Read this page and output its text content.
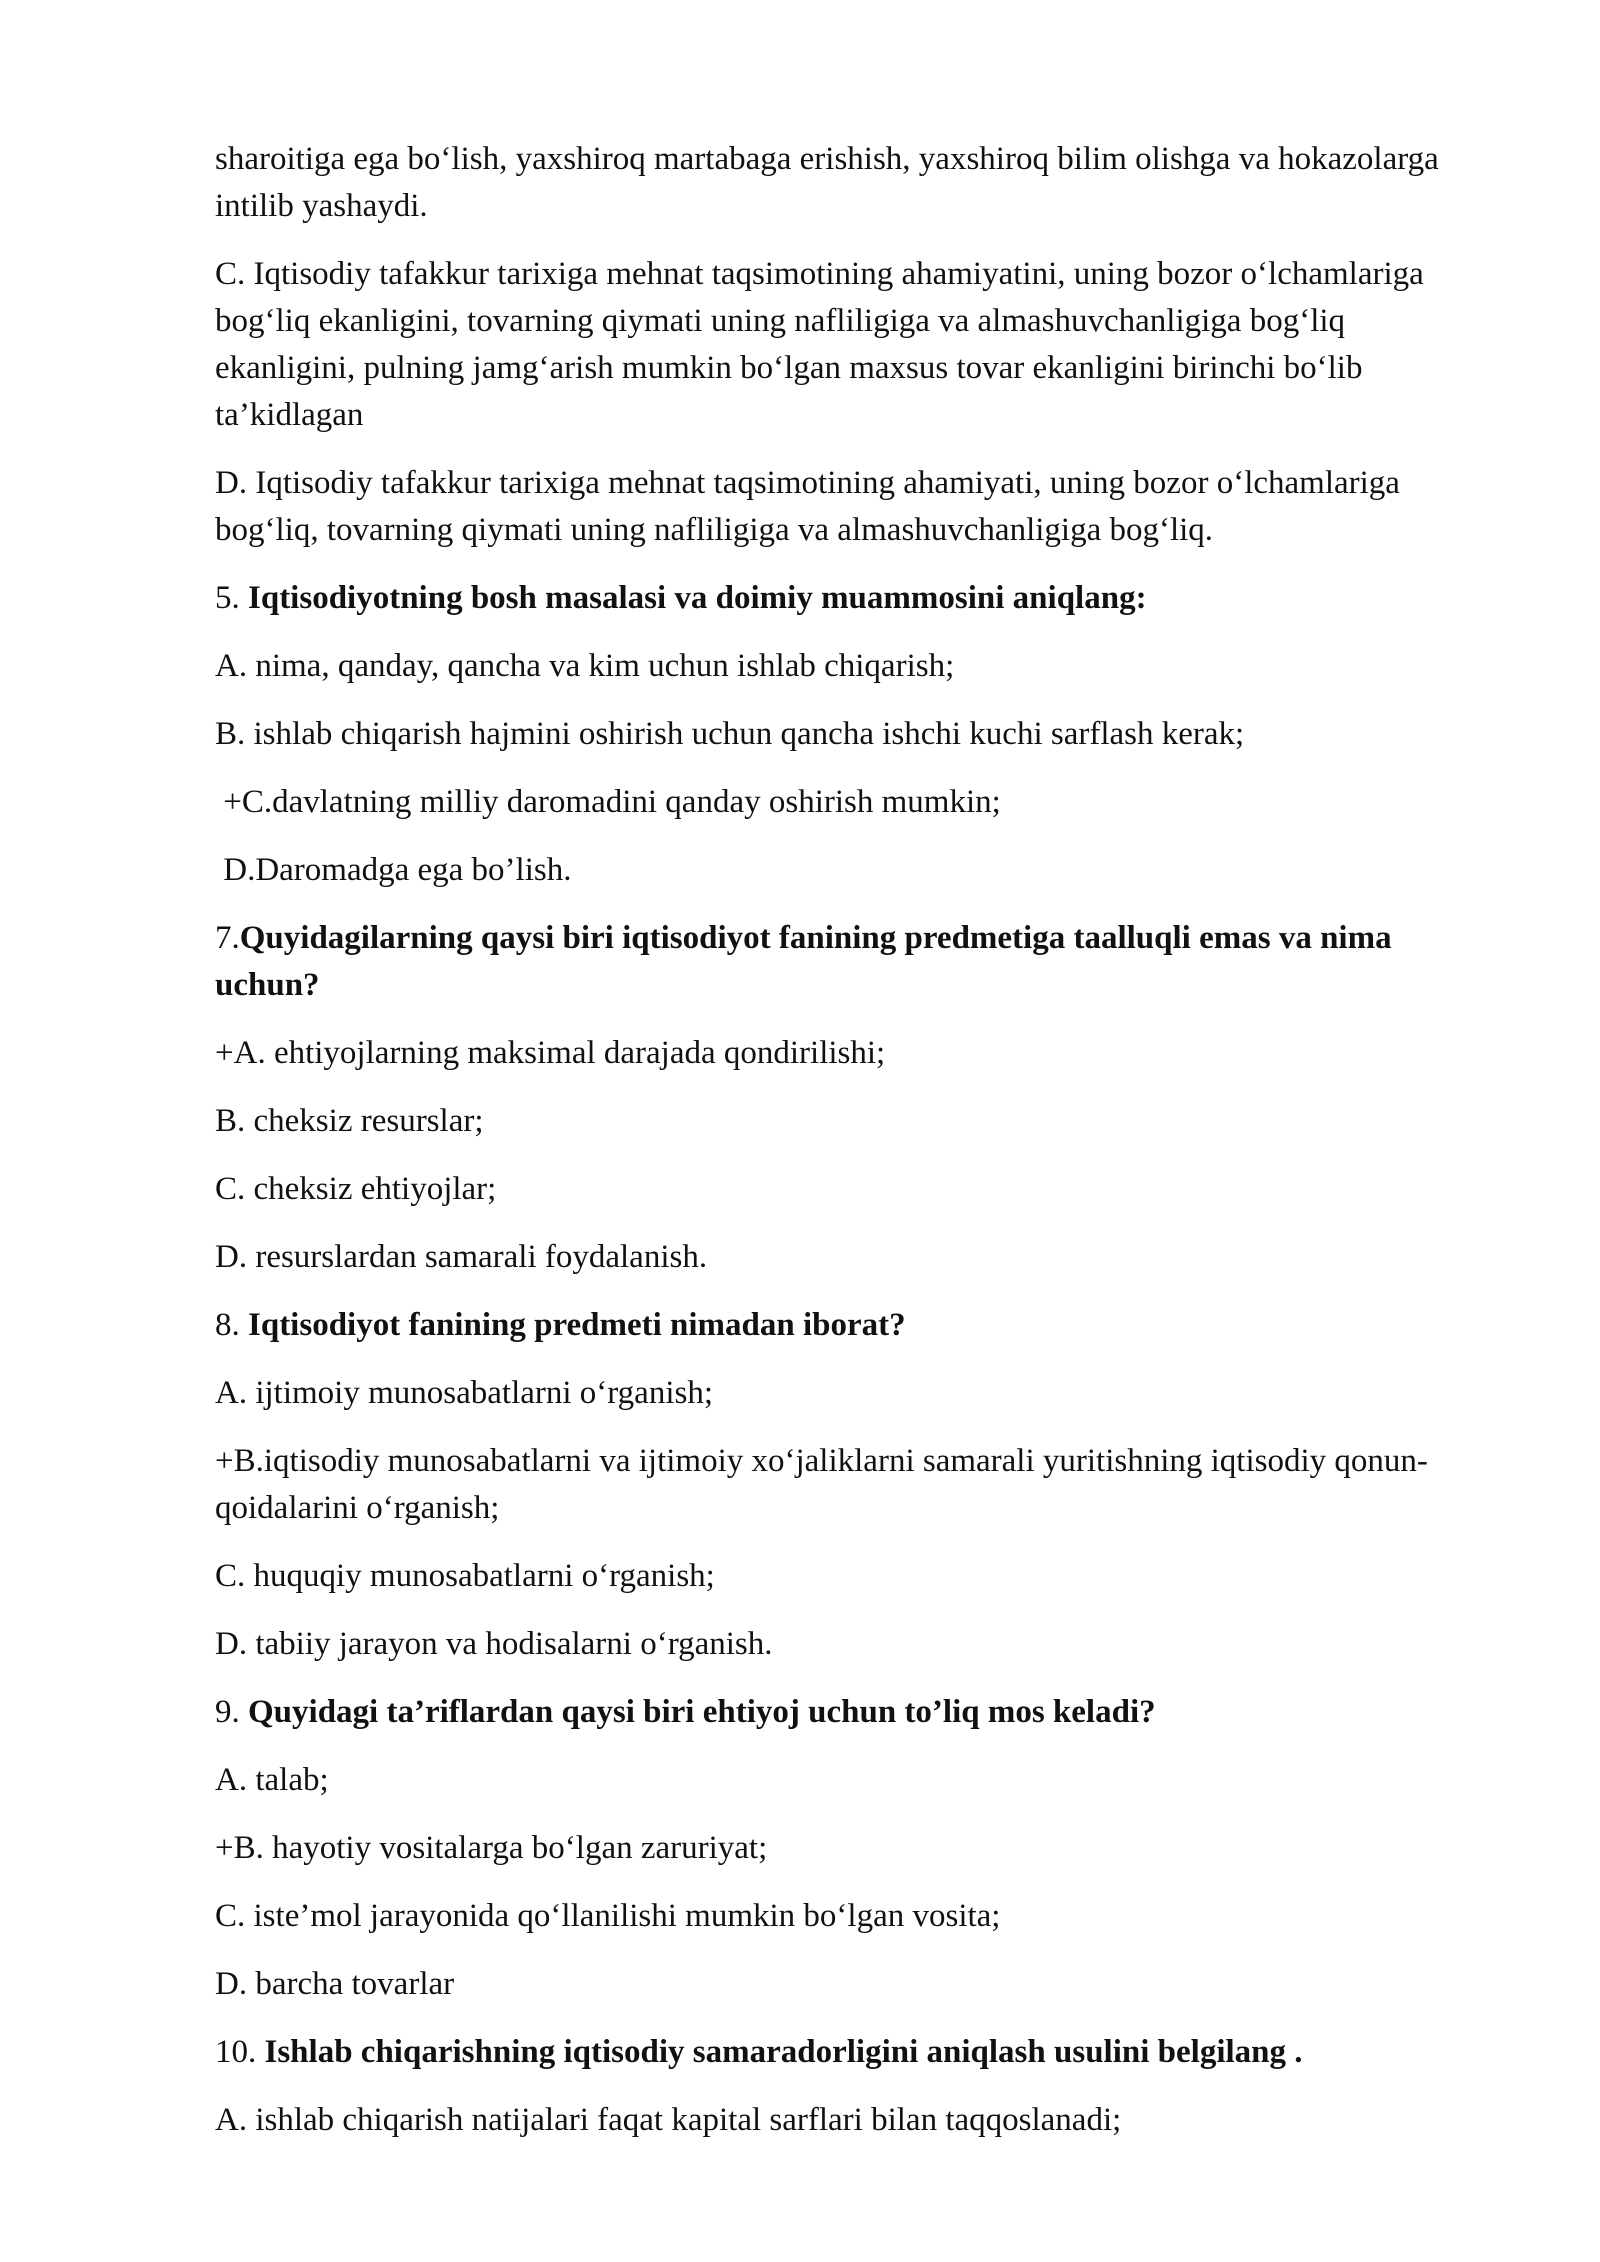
sharoitiga ega bo‘lish, yaxshiroq martabaga erishish, yaxshiroq bilim olishga va hokazolarga intilib yashaydi.

C. Iqtisodiy tafakkur tarixiga mehnat taqsimotining ahamiyatini, uning bozor o‘lchamlariga bog‘liq ekanligini, tovarning qiymati uning nafliligiga va almashuvchanligiga bog‘liq ekanligini, pulning jamg‘arish mumkin bo‘lgan maxsus tovar ekanligini birinchi bo‘lib ta’kidlagan

D. Iqtisodiy tafakkur tarixiga mehnat taqsimotining ahamiyati, uning bozor o‘lchamlariga bog‘liq, tovarning qiymati uning nafliligiga va almashuvchanligiga bog‘liq.

5. Iqtisodiyotning bosh masalasi va doimiy muammosini aniqlang:

A. nima, qanday, qancha va kim uchun ishlab chiqarish;

B. ishlab chiqarish hajmini oshirish uchun qancha ishchi kuchi sarflash kerak;

+C.davlatning milliy daromadini qanday oshirish mumkin;

D.Daromadga ega bo’lish.

7.Quyidagilarning qaysi biri iqtisodiyot fanining predmetiga taalluqli emas va nima uchun?

+A. ehtiyojlarning maksimal darajada qondirilishi;

B. cheksiz resurslar;

C. cheksiz ehtiyojlar;

D. resurslardan samarali foydalanish.

8. Iqtisodiyot fanining predmeti nimadan iborat?

A. ijtimoiy munosabatlarni o‘rganish;

+B.iqtisodiy munosabatlarni va ijtimoiy xo‘jaliklarni samarali yuritishning iqtisodiy qonun-qoidalarini o‘rganish;

C. huquqiy munosabatlarni o‘rganish;

D. tabiiy jarayon va hodisalarni o‘rganish.

9. Quyidagi ta’riflardan qaysi biri ehtiyoj uchun to’liq mos keladi?

A. talab;

+B. hayotiy vositalarga bo‘lgan zaruriyat;

C. iste’mol jarayonida qo‘llanilishi mumkin bo‘lgan vosita;

D. barcha tovarlar

10. Ishlab chiqarishning iqtisodiy samaradorligini aniqlash usulini belgilang .

A. ishlab chiqarish natijalari faqat kapital sarflari bilan taqqoslanadi;
